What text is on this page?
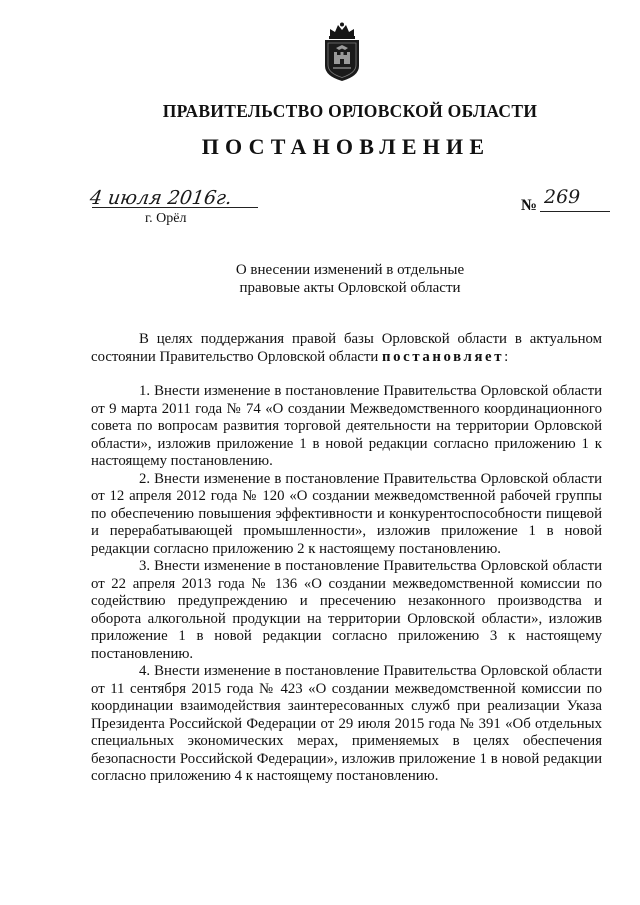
ПРАВИТЕЛЬСТВО ОРЛОВСКОЙ ОБЛАСТИ
ПОСТАНОВЛЕНИЕ
4 июля 2016г.
г. Орёл
№ 269
О внесении изменений в отдельные
правовые акты Орловской области

В целях поддержания правой базы Орловской области в актуальном состоянии Правительство Орловской области постановляет:

1. Внести изменение в постановление Правительства Орловской области от 9 марта 2011 года № 74 «О создании Межведомственного координационного совета по вопросам развития торговой деятельности на территории Орловской области», изложив приложение 1 в новой редакции согласно приложению 1 к настоящему постановлению.

2. Внести изменение в постановление Правительства Орловской области от 12 апреля 2012 года № 120 «О создании межведомственной рабочей группы по обеспечению повышения эффективности и конкурентоспособности пищевой и перерабатывающей промышленности», изложив приложение 1 в новой редакции согласно приложению 2 к настоящему постановлению.

3. Внести изменение в постановление Правительства Орловской области от 22 апреля 2013 года № 136 «О создании межведомственной комиссии по содействию предупреждению и пресечению незаконного производства и оборота алкогольной продукции на территории Орловской области», изложив приложение 1 в новой редакции согласно приложению 3 к настоящему постановлению.

4. Внести изменение в постановление Правительства Орловской области от 11 сентября 2015 года № 423 «О создании межведомственной комиссии по координации взаимодействия заинтересованных служб при реализации Указа Президента Российской Федерации от 29 июля 2015 года № 391 «Об отдельных специальных экономических мерах, применяемых в целях обеспечения безопасности Российской Федерации», изложив приложение 1 в новой редакции согласно приложению 4 к настоящему постановлению.
